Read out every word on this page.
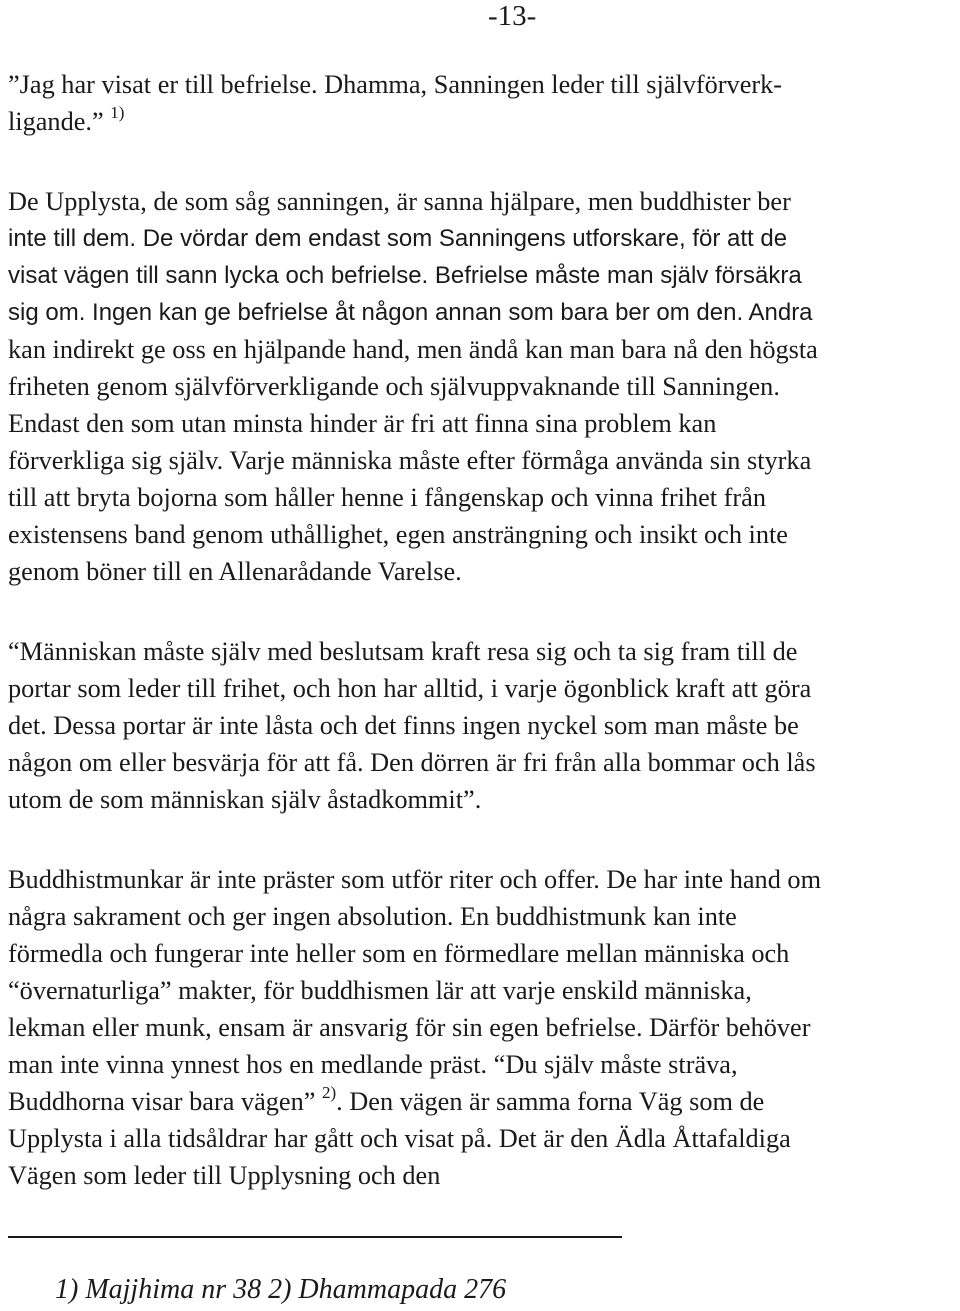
-13-
”Jag har visat er till befrielse. Dhamma, Sanningen leder till självförverk-
ligande.” $^{1)}$
De Upplysta, de som såg sanningen, är sanna hjälpare, men buddhister ber
inte till dem. De vördar dem endast som Sanningens utforskare, för att de
visat vägen till sann lycka och befrielse. Befrielse måste man själv försäkra
sig om. Ingen kan ge befrielse åt någon annan som bara ber om den. Andra
kan indirekt ge oss en hjälpande hand, men ändå kan man bara nå den högsta
friheten genom självförverkligande och självuppvaknande till Sanningen.
Endast den som utan minsta hinder är fri att finna sina problem kan
förverkliga sig själv. Varje människa måste efter förmåga använda sin styrka
till att bryta bojorna som håller henne i fångenskap och vinna frihet från
existensens band genom uthållighet, egen ansträngning och insikt och inte
genom böner till en Allenarådande Varelse.
“Människan måste själv med beslutsam kraft resa sig och ta sig fram till de
portar som leder till frihet, och hon har alltid, i varje ögonblick kraft att göra
det. Dessa portar är inte låsta och det finns ingen nyckel som man måste be
någon om eller besvärja för att få. Den dörren är fri från alla bommar och lås
utom de som människan själv åstadkommit”.
Buddhistmunkar är inte präster som utför riter och offer. De har inte hand om
några sakrament och ger ingen absolution. En buddhistmunk kan inte
förmedla och fungerar inte heller som en förmedlare mellan människa och
“övernaturliga” makter, för buddhismen lär att varje enskild människa,
lekman eller munk, ensam är ansvarig för sin egen befrielse. Därför behöver
man inte vinna ynnest hos en medlande präst. “Du själv måste sträva,
Buddhorna visar bara vägen” $^{2)}$. Den vägen är samma forna Väg som de
Upplysta i alla tidsåldrar har gått och visat på. Det är den Ädla Åttafaldiga
Vägen som leder till Upplysning och den
1) Majjhima nr 38 2) Dhammapada 276
